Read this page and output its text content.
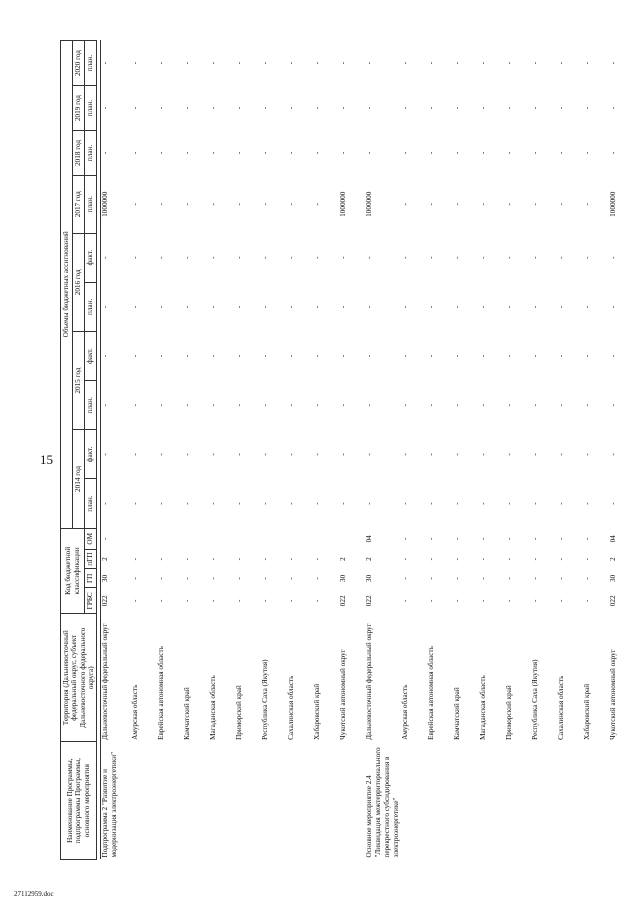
15
27112959.doc
Наименование Программы, подпрограммы Программы, основного мероприятия	Территория (Дальневосточный федеральный округ, субъект Дальневосточного федерального округа)	Код бюджетной классификации				Объемы бюджетных ассигнований									
						2014 год		2015 год		2016 год		2017 год	2018 год	2019 год	2020 год
		ГРБС	ГП	пГП	ОМ	план.	факт.	план.	факт.	план.	факт.	план.	план.	план.	план.

Подпрограмма 2 "Развитие и модернизация электроэнергетики"	Дальневосточный федеральный округ	022	30	2	-	-	-	-	-	-	-	1000000	-	-	-
	Амурская область	-	-	-		-	-	-	-	-	-	-	-	-	-
	Еврейская автономная область	-	-	-		-	-	-	-	-	-	-	-	-	-
	Камчатский край	-	-	-		-	-	-	-	-	-	-	-	-	-
	Магаданская область	-	-	-		-	-	-	-	-	-	-	-	-	-
	Приморский край	-	-	-		-	-	-	-	-	-	-	-	-	-
	Республика Саха (Якутия)	-	-	-		-	-	-	-	-	-	-	-	-	-
	Сахалинская область	-	-	-		-	-	-	-	-	-	-	-	-	-
	Хабаровский край	-	-	-		-	-	-	-	-	-	-	-	-	-
	Чукотский автономный округ	022	30	2		-	-	-	-	-	-	1000000	-	-	-
Основное мероприятие 2.4 "Ликвидация межтерриториального перекрестного субсидирования в электроэнергетике"	Дальневосточный федеральный округ	022	30	2	04	-	-	-	-	-	-	1000000	-	-	-
	Амурская область	-	-	-	-	-	-	-	-	-	-	-	-	-	-
	Еврейская автономная область	-	-	-	-	-	-	-	-	-	-	-	-	-	-
	Камчатский край	-	-	-	-	-	-	-	-	-	-	-	-	-	-
	Магаданская область	-	-	-	-	-	-	-	-	-	-	-	-	-	-
	Приморский край	-	-	-	-	-	-	-	-	-	-	-	-	-	-
	Республика Саха (Якутия)	-	-	-	-	-	-	-	-	-	-	-	-	-	-
	Сахалинская область	-	-	-	-	-	-	-	-	-	-	-	-	-	-
	Хабаровский край	-	-	-	-	-	-	-	-	-	-	-	-	-	-
	Чукотский автономный округ	022	30	2	04	-	-	-	-	-	-	1000000	-	-	-
